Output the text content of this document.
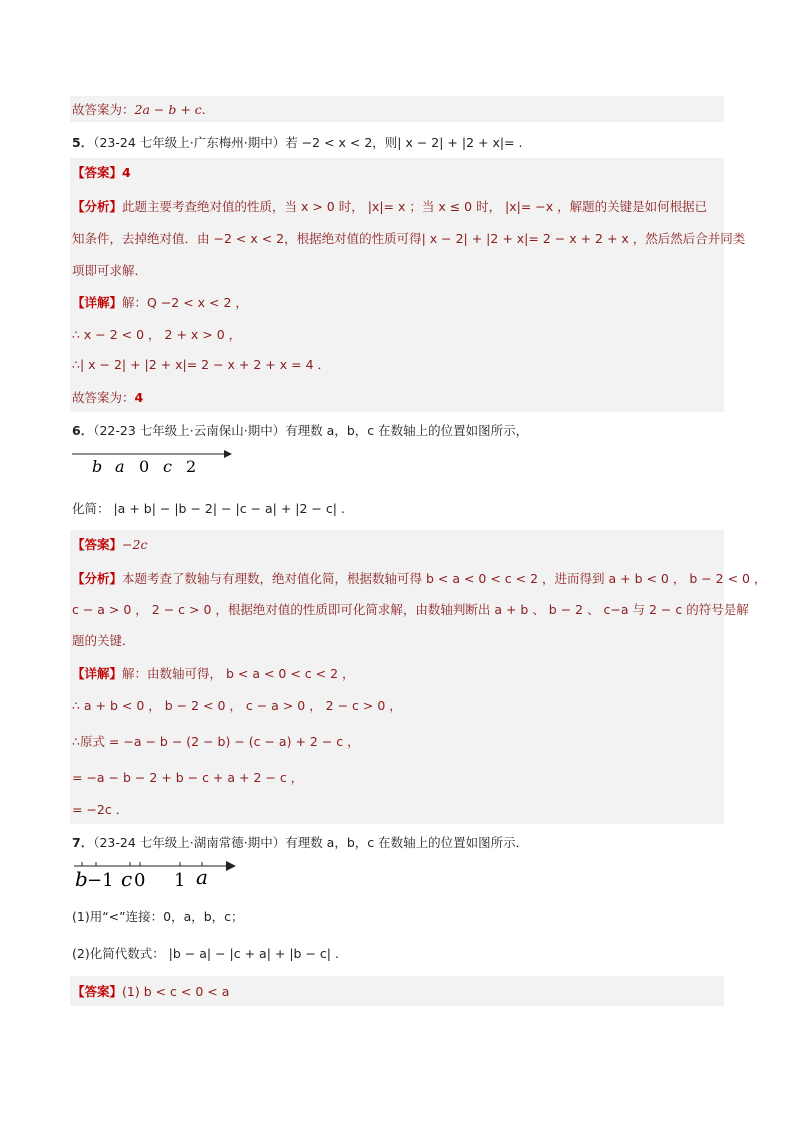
故答案为：2a − b + c.
5．（23-24 七年级上·广东梅州·期中）若 −2 < x < 2，则| x − 2| + |2 + x|= .
【答案】4
【分析】此题主要考查绝对值的性质，当 x > 0 时， |x|= x ；当 x ≤ 0 时， |x|= −x ，解题的关键是如何根据已
知条件，去掉绝对值．由 −2 < x < 2，根据绝对值的性质可得| x − 2| + |2 + x|= 2 − x + 2 + x ，然后然后合并同类
项即可求解．
【详解】解：Q −2 < x < 2 ，
∴ x − 2 < 0 ， 2 + x > 0 ，
∴| x − 2| + |2 + x|= 2 − x + 2 + x = 4 ．
故答案为：4
6．（22-23 七年级上·云南保山·期中）有理数 a，b，c 在数轴上的位置如图所示，
b a 0 c 2
化简： |a + b| − |b − 2| − |c − a| + |2 − c| .
【答案】−2c
【分析】本题考查了数轴与有理数，绝对值化简，根据数轴可得 b < a < 0 < c < 2 ，进而得到 a + b < 0 ， b − 2 < 0 ，
c − a > 0 ， 2 − c > 0 ，根据绝对值的性质即可化简求解，由数轴判断出 a + b 、 b − 2 、 c−a 与 2 − c 的符号是解
题的关键．
【详解】解：由数轴可得， b < a < 0 < c < 2 ，
∴ a + b < 0 ， b − 2 < 0 ， c − a > 0 ， 2 − c > 0 ，
∴原式 = −a − b − (2 − b) − (c − a) + 2 − c ，
= −a − b − 2 + b − c + a + 2 − c ，
= −2c ．
7．（23-24 七年级上·湖南常德·期中）有理数 a，b，c 在数轴上的位置如图所示．
b −1 c 0 1 a
(1)用“<”连接：0，a，b，c；
(2)化简代数式： |b − a| − |c + a| + |b − c| .
【答案】(1) b < c < 0 < a
